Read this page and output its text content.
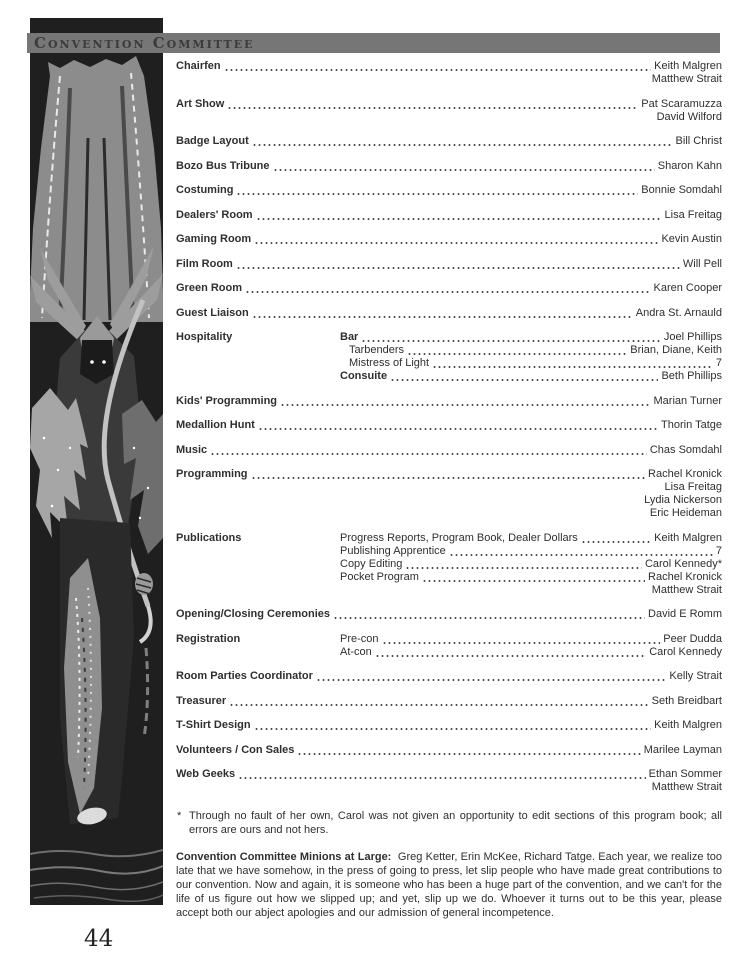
Convention Committee
Chairfen	Keith Malgren
Matthew Strait
Art Show	Pat Scaramuzza
David Wilford
Badge Layout	Bill Christ
Bozo Bus Tribune	Sharon Kahn
Costuming	Bonnie Somdahl
Dealers' Room	Lisa Freitag
Gaming Room	Kevin Austin
Film Room	Will Pell
Green Room	Karen Cooper
Guest Liaison	Andra St. Arnauld
Hospitality	Bar	Joel Phillips
Tarbenders	Brian, Diane, Keith
Mistress of Light	7
Consuite	Beth Phillips
Kids' Programming	Marian Turner
Medallion Hunt	Thorin Tatge
Music	Chas Somdahl
Programming	Rachel Kronick
Lisa Freitag
Lydia Nickerson
Eric Heideman
Publications	Progress Reports, Program Book, Dealer Dollars	Keith Malgren
Publishing Apprentice	7
Copy Editing	Carol Kennedy*
Pocket Program	Rachel Kronick
Matthew Strait
Opening/Closing Ceremonies	David E Romm
Registration	Pre-con	Peer Dudda
At-con	Carol Kennedy
Room Parties Coordinator	Kelly Strait
Treasurer	Seth Breidbart
T-Shirt Design	Keith Malgren
Volunteers / Con Sales	Marilee Layman
Web Geeks	Ethan Sommer
Matthew Strait
* Through no fault of her own, Carol was not given an opportunity to edit sections of this program book; all errors are ours and not hers.

Convention Committee Minions at Large: Greg Ketter, Erin McKee, Richard Tatge. Each year, we realize too late that we have somehow, in the press of going to press, let slip people who have made great contributions to our convention. Now and again, it is someone who has been a huge part of the convention, and we can't for the life of us figure out how we slipped up; and yet, slip up we do. Whoever it turns out to be this year, please accept both our abject apologies and our admission of general incompetence.

44
